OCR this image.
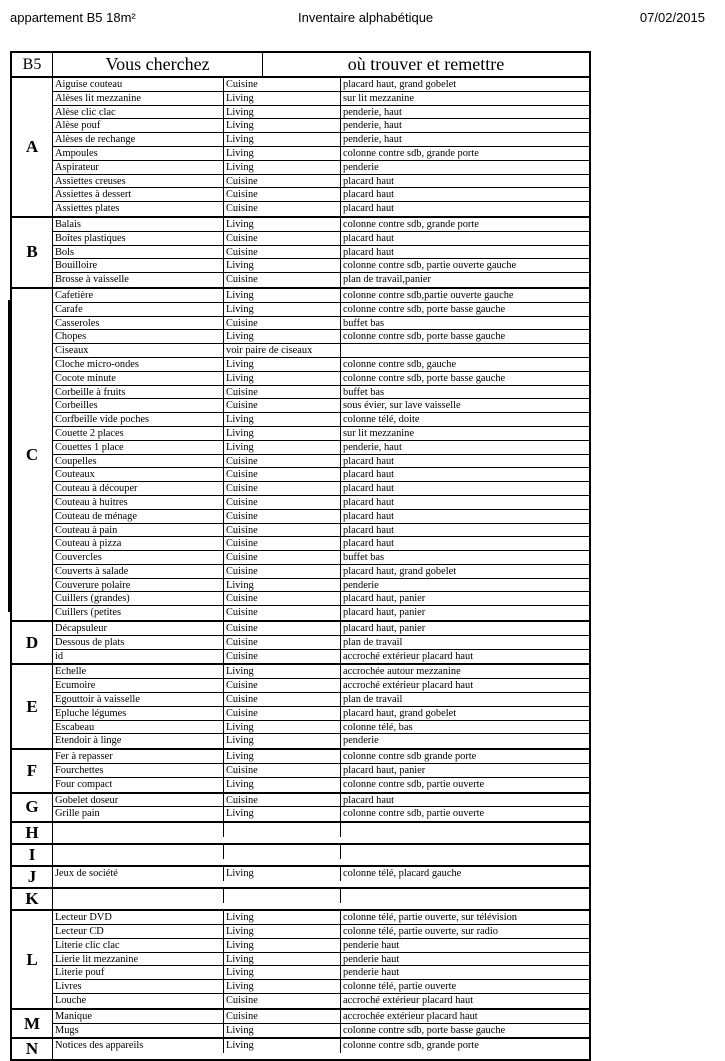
appartement B5 18m²	Inventaire alphabétique	07/02/2015
B5	Vous cherchez	où trouver et remettre
A
Aiguise couteau	Cuisine	placard haut, grand gobelet
Alèses lit mezzanine	Living	sur lit mezzanine
Alèse clic clac	Living	penderie, haut
Alèse pouf	Living	penderie, haut
Alèses de rechange	Living	penderie, haut
Ampoules	Living	colonne contre sdb, grande porte
Aspirateur	Living	penderie
Assiettes creuses	Cuisine	placard haut
Assiettes à dessert	Cuisine	placard haut
Assiettes plates	Cuisine	placard haut
B
Balais	Living	colonne contre sdb, grande porte
Boîtes plastiques	Cuisine	placard haut
Bols	Cuisine	placard haut
Bouilloire	Living	colonne contre sdb, partie ouverte gauche
Brosse à vaisselle	Cuisine	plan de travail,panier
C
Cafetière	Living	colonne contre sdb,partie ouverte gauche
Carafe	Living	colonne contre sdb, porte basse gauche
Casseroles	Cuisine	buffet bas
Chopes	Living	colonne contre sdb, porte basse gauche
Ciseaux	voir paire de ciseaux
Cloche micro-ondes	Living	colonne contre sdb, gauche
Cocote minute	Living	colonne contre sdb, porte basse gauche
Corbeille à fruits	Cuisine	buffet bas
Corbeilles	Cuisine	sous évier, sur lave vaisselle
Corfbeille vide poches	Living	colonne télé, doite
Couette 2 places	Living	sur lit mezzanine
Couettes 1 place	Living	penderie, haut
Coupelles	Cuisine	placard haut
Couteaux	Cuisine	placard haut
Couteau à découper	Cuisine	placard haut
Couteau à huitres	Cuisine	placard haut
Couteau de ménage	Cuisine	placard haut
Couteau à pain	Cuisine	placard haut
Couteau à pizza	Cuisine	placard haut
Couvercles	Cuisine	buffet bas
Couverts à salade	Cuisine	placard haut, grand gobelet
Couverure polaire	Living	penderie
Cuillers (grandes)	Cuisine	placard haut, panier
Cuillers (petites	Cuisine	placard haut, panier
D
Décapsuleur	Cuisine	placard haut, panier
Dessous de plats	Cuisine	plan de travail
id	Cuisine	accroché extérieur placard haut
E
Echelle	Living	accrochée autour mezzanine
Ecumoire	Cuisine	accroché extérieur placard haut
Egouttoir à vaisselle	Cuisine	plan de travail
Epluche légumes	Cuisine	placard haut, grand gobelet
Escabeau	Living	colonne télé, bas
Etendoir à linge	Living	penderie
F
Fer à repasser	Living	colonne contre sdb grande porte
Fourchettes	Cuisine	placard haut, panier
Four compact	Living	colonne contre sdb, partie ouverte
G	Gobelet doseur	Cuisine	placard haut
Grille pain	Living	colonne contre sdb, partie ouverte
H
I
J	Jeux de société	Living	colonne télé, placard gauche
K
L
Lecteur DVD	Living	colonne télé, partie ouverte, sur télévision
Lecteur CD	Living	colonne télé, partie ouverte, sur radio
Literie clic clac	Living	penderie haut
Lierie lit mezzanine	Living	penderie haut
Literie pouf	Living	penderie haut
Livres	Living	colonne télé, partie ouverte
Louche	Cuisine	accroché extérieur placard haut
M	Manique	Cuisine	accrochée extérieur placard haut
Mugs	Living	colonne contre sdb, porte basse gauche
N	Notices des appareils	Living	colonne contre sdb, grande porte
